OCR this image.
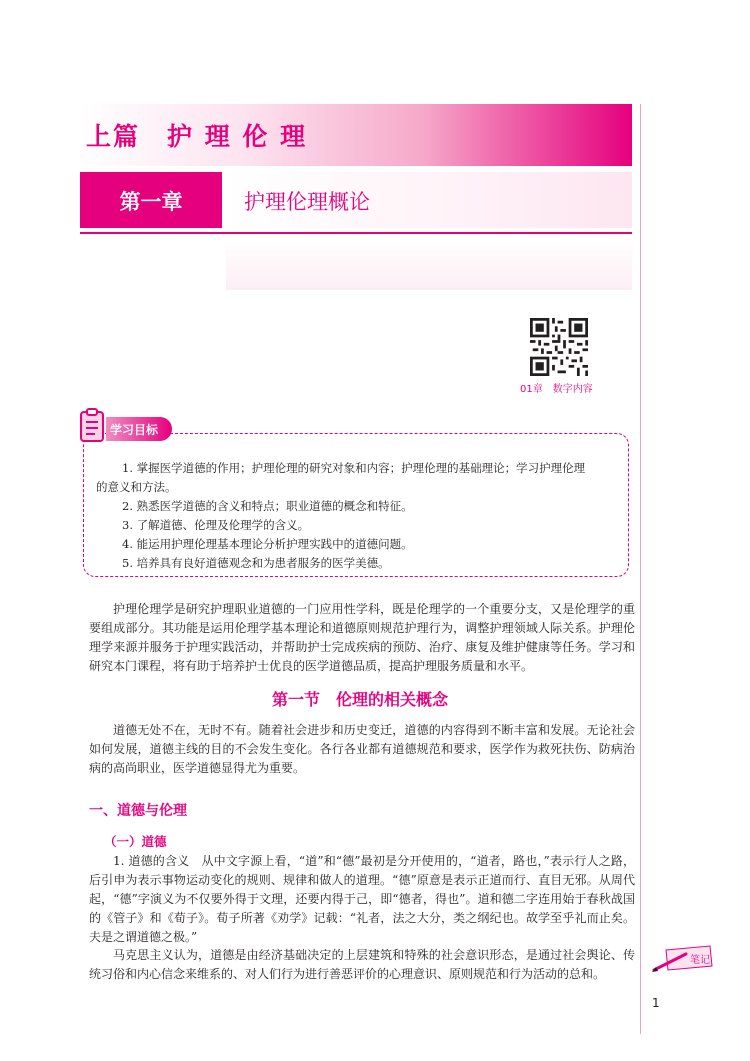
上篇　护 理 伦 理
第一章	护理伦理概论
01章　数字内容
学习目标
1. 掌握医学道德的作用；护理伦理的研究对象和内容；护理伦理的基础理论；学习护理伦理
的意义和方法。
2. 熟悉医学道德的含义和特点；职业道德的概念和特征。
3. 了解道德、伦理及伦理学的含义。
4. 能运用护理伦理基本理论分析护理实践中的道德问题。
5. 培养具有良好道德观念和为患者服务的医学美德。
护理伦理学是研究护理职业道德的一门应用性学科，既是伦理学的一个重要分支，又是伦理学的重要组成部分。其功能是运用伦理学基本理论和道德原则规范护理行为，调整护理领域人际关系。护理伦理学来源并服务于护理实践活动，并帮助护士完成疾病的预防、治疗、康复及维护健康等任务。学习和研究本门课程，将有助于培养护士优良的医学道德品质，提高护理服务质量和水平。
第一节　伦理的相关概念
道德无处不在，无时不有。随着社会进步和历史变迁，道德的内容得到不断丰富和发展。无论社会如何发展，道德主线的目的不会发生变化。各行各业都有道德规范和要求，医学作为救死扶伤、防病治病的高尚职业，医学道德显得尤为重要。
一、道德与伦理
（一）道德
1. 道德的含义　从中文字源上看，“道”和“德”最初是分开使用的，“道者，路也，”表示行人之路，后引申为表示事物运动变化的规则、规律和做人的道理。“德”原意是表示正道而行、直目无邪。从周代起，“德”字演义为不仅要外得于文理，还要内得于己，即“德者，得也”。道和德二字连用始于春秋战国的《管子》和《荀子》。荀子所著《劝学》记载：“礼者，法之大分，类之纲纪也。故学至乎礼而止矣。夫是之谓道德之极。”
马克思主义认为，道德是由经济基础决定的上层建筑和特殊的社会意识形态，是通过社会舆论、传统习俗和内心信念来维系的、对人们行为进行善恶评价的心理意识、原则规范和行为活动的总和。
笔记
1
